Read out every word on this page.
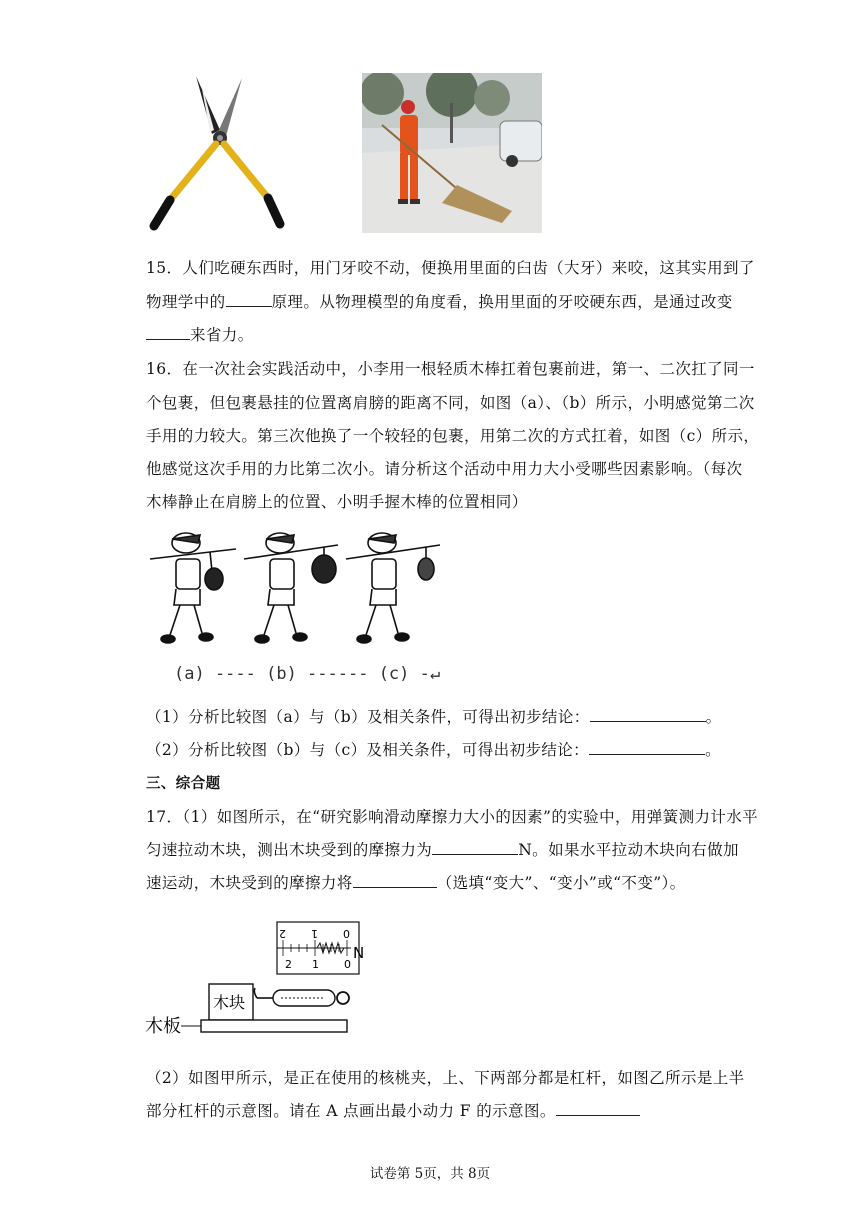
15．人们吃硬东西时，用门牙咬不动，便换用里面的臼齿（大牙）来咬，这其实用到了
物理学中的	原理。从物理模型的角度看，换用里面的牙咬硬东西，是通过改变
来省力。
16．在一次社会实践活动中，小李用一根轻质木棒扛着包裹前进，第一、二次扛了同一
个包裹，但包裹悬挂的位置离肩膀的距离不同，如图（a）、（b）所示，小明感觉第二次
手用的力较大。第三次他换了一个较轻的包裹，用第二次的方式扛着，如图（c）所示，
他感觉这次手用的力比第二次小。请分析这个活动中用力大小受哪些因素影响。（每次
木棒静止在肩膀上的位置、小明手握木棒的位置相同）
(a) ---- (b) ------ (c) -↵
（1）分析比较图（a）与（b）及相关条件，可得出初步结论：	。
（2）分析比较图（b）与（c）及相关条件，可得出初步结论：	。
三、综合题
17．（1）如图所示，在“研究影响滑动摩擦力大小的因素”的实验中，用弹簧测力计水平
匀速拉动木块，测出木块受到的摩擦力为	N。如果水平拉动木块向右做加
速运动，木块受到的摩擦力将	（选填“变大”、“变小”或“不变”）。
2 1 0
2 1 0
N
木块
木板
（2）如图甲所示，是正在使用的核桃夹，上、下两部分都是杠杆，如图乙所示是上半
部分杠杆的示意图。请在 A 点画出最小动力 F 的示意图。
试卷第 5页，共 8页
